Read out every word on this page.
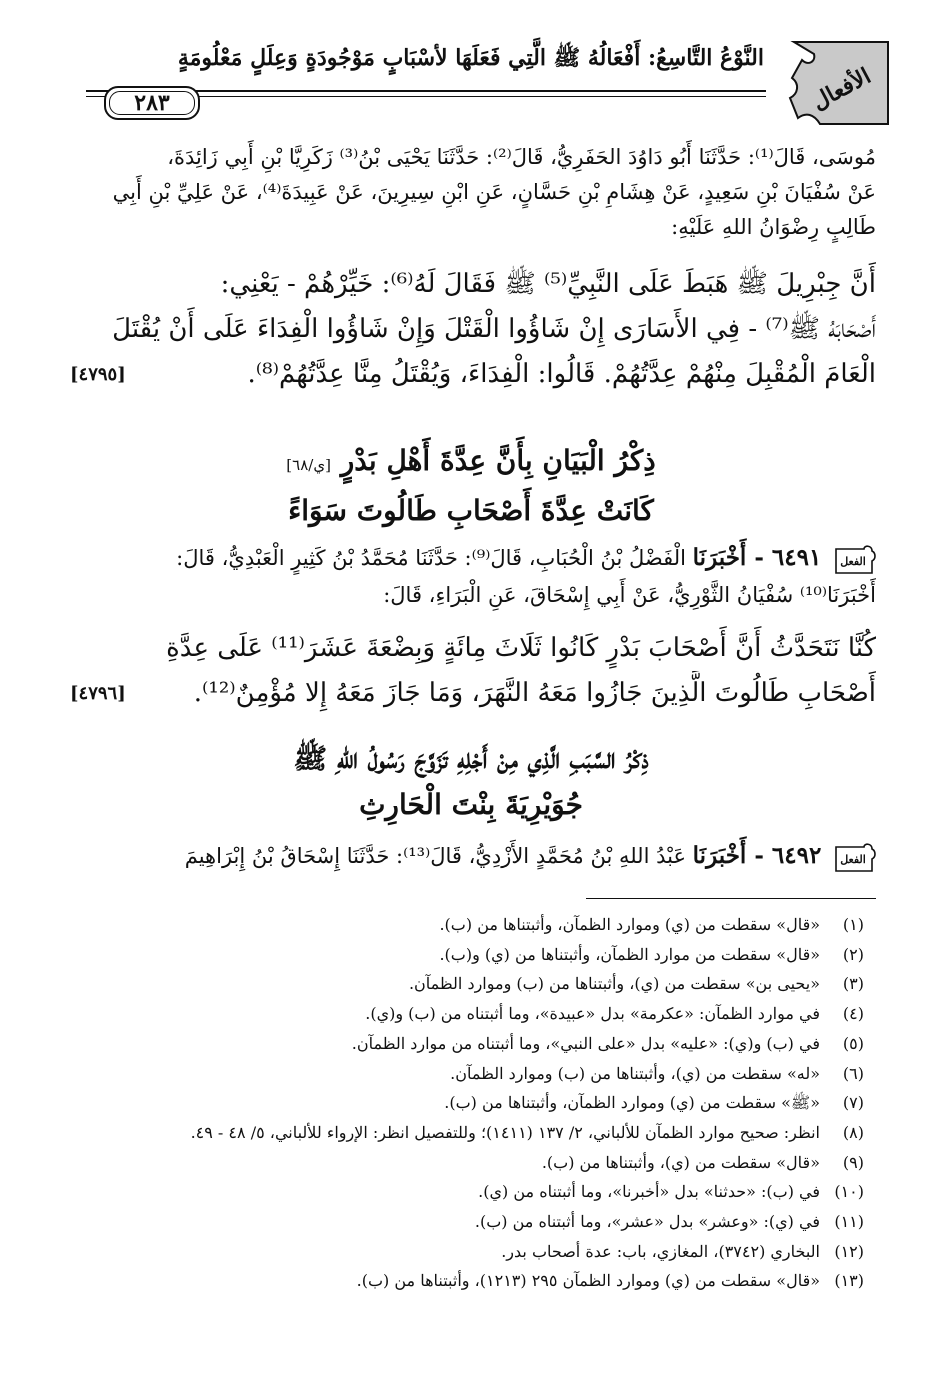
الأفعال
النَّوْعُ التَّاسِعُ: أَفْعَالُهُ ﷺ الَّتِي فَعَلَهَا لأسْبَابٍ مَوْجُودَةٍ وَعِلَلٍ مَعْلُومَةٍ
٢٨٣
مُوسَى، قَالَ⁽¹⁾: حَدَّثَنَا أَبُو دَاوُدَ الحَفَرِيُّ، قَالَ⁽²⁾: حَدَّثَنَا يَحْيَى بْنُ⁽³⁾ زَكَرِيَّا بْنِ أَبِي زَائِدَةَ،
عَنْ سُفْيَانَ بْنِ سَعِيدٍ، عَنْ هِشَامِ بْنِ حَسَّانٍ، عَنِ ابْنِ سِيرِينَ، عَنْ عَبِيدَةَ⁽⁴⁾، عَنْ عَلِيِّ بْنِ أَبِي
طَالِبٍ رِضْوَانُ اللهِ عَلَيْهِ:
أَنَّ جِبْرِيلَ ﷺ هَبَطَ عَلَى النَّبِيِّ⁽⁵⁾ ﷺ فَقَالَ لَهُ⁽⁶⁾: خَيِّرْهُمْ - يَعْنِي:
أَصْحَابَهُ ﷺ⁽⁷⁾ - فِي الأَسَارَى إِنْ شَاؤُوا الْقَتْلَ وَإِنْ شَاؤُوا الْفِدَاءَ عَلَى أَنْ يُقْتَلَ
[٤٧٩٥]	الْعَامَ الْمُقْبِلَ مِنْهُمْ عِدَّتُهُمْ. قَالُوا: الْفِدَاءَ، وَيُقْتَلُ مِنَّا عِدَّتُهُمْ⁽⁸⁾.
ذِكْرُ الْبَيَانِ بِأَنَّ عِدَّةَ أَهْلِ بَدْرٍ [ي/٦٨]
كَانَتْ عِدَّةَ أَصْحَابِ طَالُوتَ سَوَاءً
الفعل
٦٤٩١ - أَخْبَرَنَا الْفَضْلُ بْنُ الْحُبَابِ، قَالَ⁽⁹⁾: حَدَّثَنَا مُحَمَّدُ بْنُ كَثِيرٍ الْعَبْدِيُّ، قَالَ:
أَخْبَرَنَا⁽¹⁰⁾ سُفْيَانُ الثَّوْرِيُّ، عَنْ أَبِي إِسْحَاقَ، عَنِ الْبَرَاءِ، قَالَ:
كُنَّا نَتَحَدَّثُ أَنَّ أَصْحَابَ بَدْرٍ كَانُوا ثَلَاثَ مِائَةٍ وَبِضْعَةَ عَشَرَ⁽¹¹⁾ عَلَى عِدَّةِ
[٤٧٩٦]	أَصْحَابِ طَالُوتَ الَّذِينَ جَازُوا مَعَهُ النَّهَرَ، وَمَا جَازَ مَعَهُ إِلا مُؤْمِنٌ⁽¹²⁾.
ذِكْرُ السَّبَبِ الَّذِي مِنْ أَجْلِهِ تَزَوَّجَ رَسُولُ اللهِ ﷺ
جُوَيْرِيَةَ بِنْتَ الْحَارِثِ
الفعل
٦٤٩٢ - أَخْبَرَنَا عَبْدُ اللهِ بْنُ مُحَمَّدٍ الأَزْدِيُّ، قَالَ⁽¹³⁾: حَدَّثَنَا إِسْحَاقُ بْنُ إِبْرَاهِيمَ
(١)«قال» سقطت من (ي) وموارد الظمآن، وأثبتناها من (ب).
(٢)«قال» سقطت من موارد الظمآن، وأثبتناها من (ي) و(ب).
(٣)«يحيى بن» سقطت من (ي)، وأثبتناها من (ب) وموارد الظمآن.
(٤)في موارد الظمآن: «عكرمة» بدل «عبيدة»، وما أثبتناه من (ب) و(ي).
(٥)في (ب) و(ي): «عليه» بدل «على النبي»، وما أثبتناه من موارد الظمآن.
(٦)«له» سقطت من (ي)، وأثبتناها من (ب) وموارد الظمآن.
(٧)«ﷺ» سقطت من (ي) وموارد الظمآن، وأثبتناها من (ب).
(٨)انظر: صحيح موارد الظمآن للألباني، ٢/ ١٣٧ (١٤١١)؛ وللتفصيل انظر: الإرواء للألباني، ٥/ ٤٨ - ٤٩.
(٩)«قال» سقطت من (ي)، وأثبتناها من (ب).
(١٠)في (ب): «حدثنا» بدل «أخبرنا»، وما أثبتناه من (ي).
(١١)في (ي): «وعشر» بدل «عشر»، وما أثبتناه من (ب).
(١٢)البخاري (٣٧٤٢)، المغازي، باب: عدة أصحاب بدر.
(١٣)«قال» سقطت من (ي) وموارد الظمآن ٢٩٥ (١٢١٣)، وأثبتناها من (ب).
